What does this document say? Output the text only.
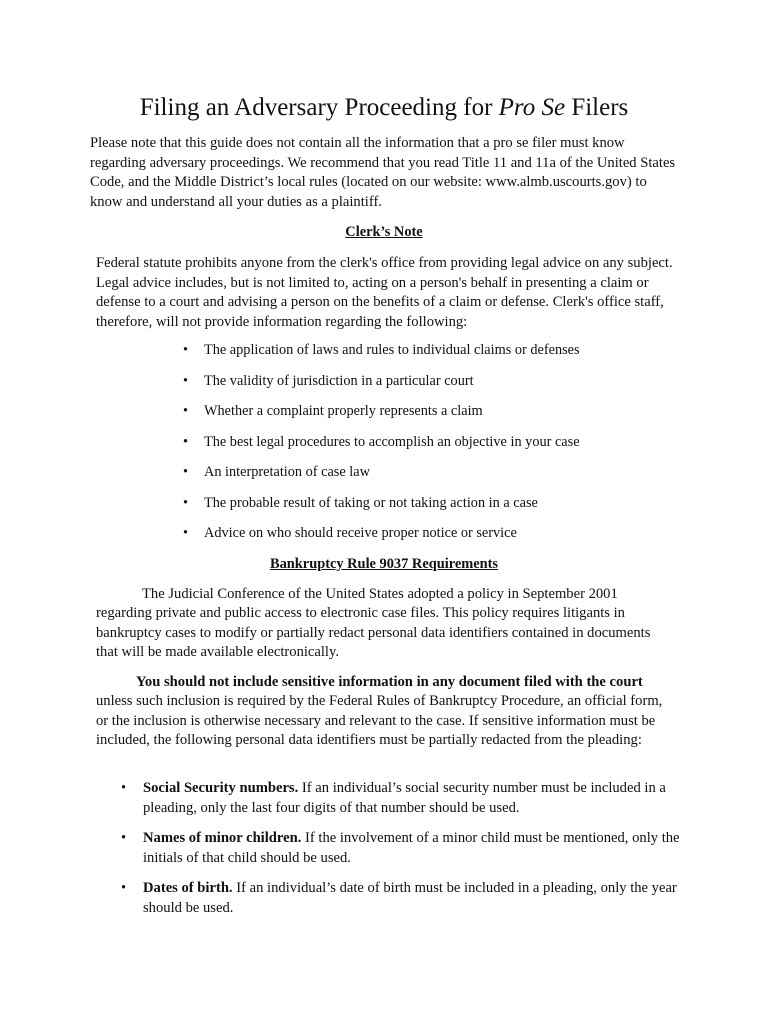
Filing an Adversary Proceeding for Pro Se Filers

Please note that this guide does not contain all the information that a pro se filer must know regarding adversary proceedings. We recommend that you read Title 11 and 11a of the United States Code, and the Middle District’s local rules (located on our website: www.almb.uscourts.gov) to know and understand all your duties as a plaintiff.

Clerk’s Note

Federal statute prohibits anyone from the clerk's office from providing legal advice on any subject. Legal advice includes, but is not limited to, acting on a person's behalf in presenting a claim or defense to a court and advising a person on the benefits of a claim or defense. Clerk's office staff, therefore, will not provide information regarding the following:

• The application of laws and rules to individual claims or defenses
• The validity of jurisdiction in a particular court
• Whether a complaint properly represents a claim
• The best legal procedures to accomplish an objective in your case
• An interpretation of case law
• The probable result of taking or not taking action in a case
• Advice on who should receive proper notice or service
Bankruptcy Rule 9037 Requirements

The Judicial Conference of the United States adopted a policy in September 2001 regarding private and public access to electronic case files. This policy requires litigants in bankruptcy cases to modify or partially redact personal data identifiers contained in documents that will be made available electronically.

You should not include sensitive information in any document filed with the court unless such inclusion is required by the Federal Rules of Bankruptcy Procedure, an official form, or the inclusion is otherwise necessary and relevant to the case. If sensitive information must be included, the following personal data identifiers must be partially redacted from the pleading:

• Social Security numbers. If an individual’s social security number must be included in a pleading, only the last four digits of that number should be used.
• Names of minor children. If the involvement of a minor child must be mentioned, only the initials of that child should be used.
• Dates of birth. If an individual’s date of birth must be included in a pleading, only the year should be used.
